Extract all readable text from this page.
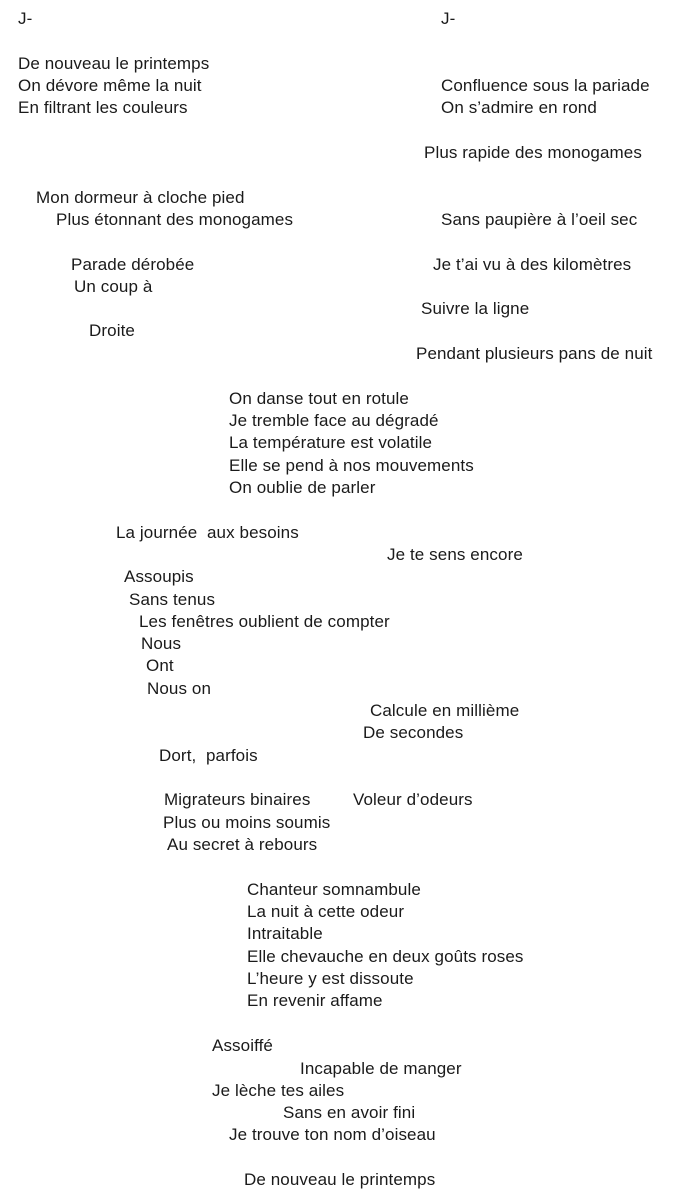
J-	J-
De nouveau le printemps
On dévore même la nuit
En filtrant les couleurs
Mon dormeur à cloche pied
Plus étonnant des monogames
Parade dérobée
Un coup à
Droite
Confluence sous la pariade
On s’admire en rond
Plus rapide des monogames
Sans paupière à l’oeil sec
Je t’ai vu à des kilomètres
Suivre la ligne
Pendant plusieurs pans de nuit
On danse tout en rotule
Je tremble face au dégradé
La température est volatile
Elle se pend à nos mouvements
On oublie de parler
La journée  aux besoins
Je te sens encore
Assoupis
Sans tenus
Les fenêtres oublient de compter
Nous
Ont
Nous on
Calcule en millième
De secondes
Dort,  parfois
Migrateurs binaires	Voleur d’odeurs
Plus ou moins soumis
Au secret à rebours
Chanteur somnambule
La nuit à cette odeur
Intraitable
Elle chevauche en deux goûts roses
L’heure y est dissoute
En revenir affame
Assoiffé
Incapable de manger
Je lèche tes ailes
Sans en avoir fini
Je trouve ton nom d’oiseau
De nouveau le printemps
